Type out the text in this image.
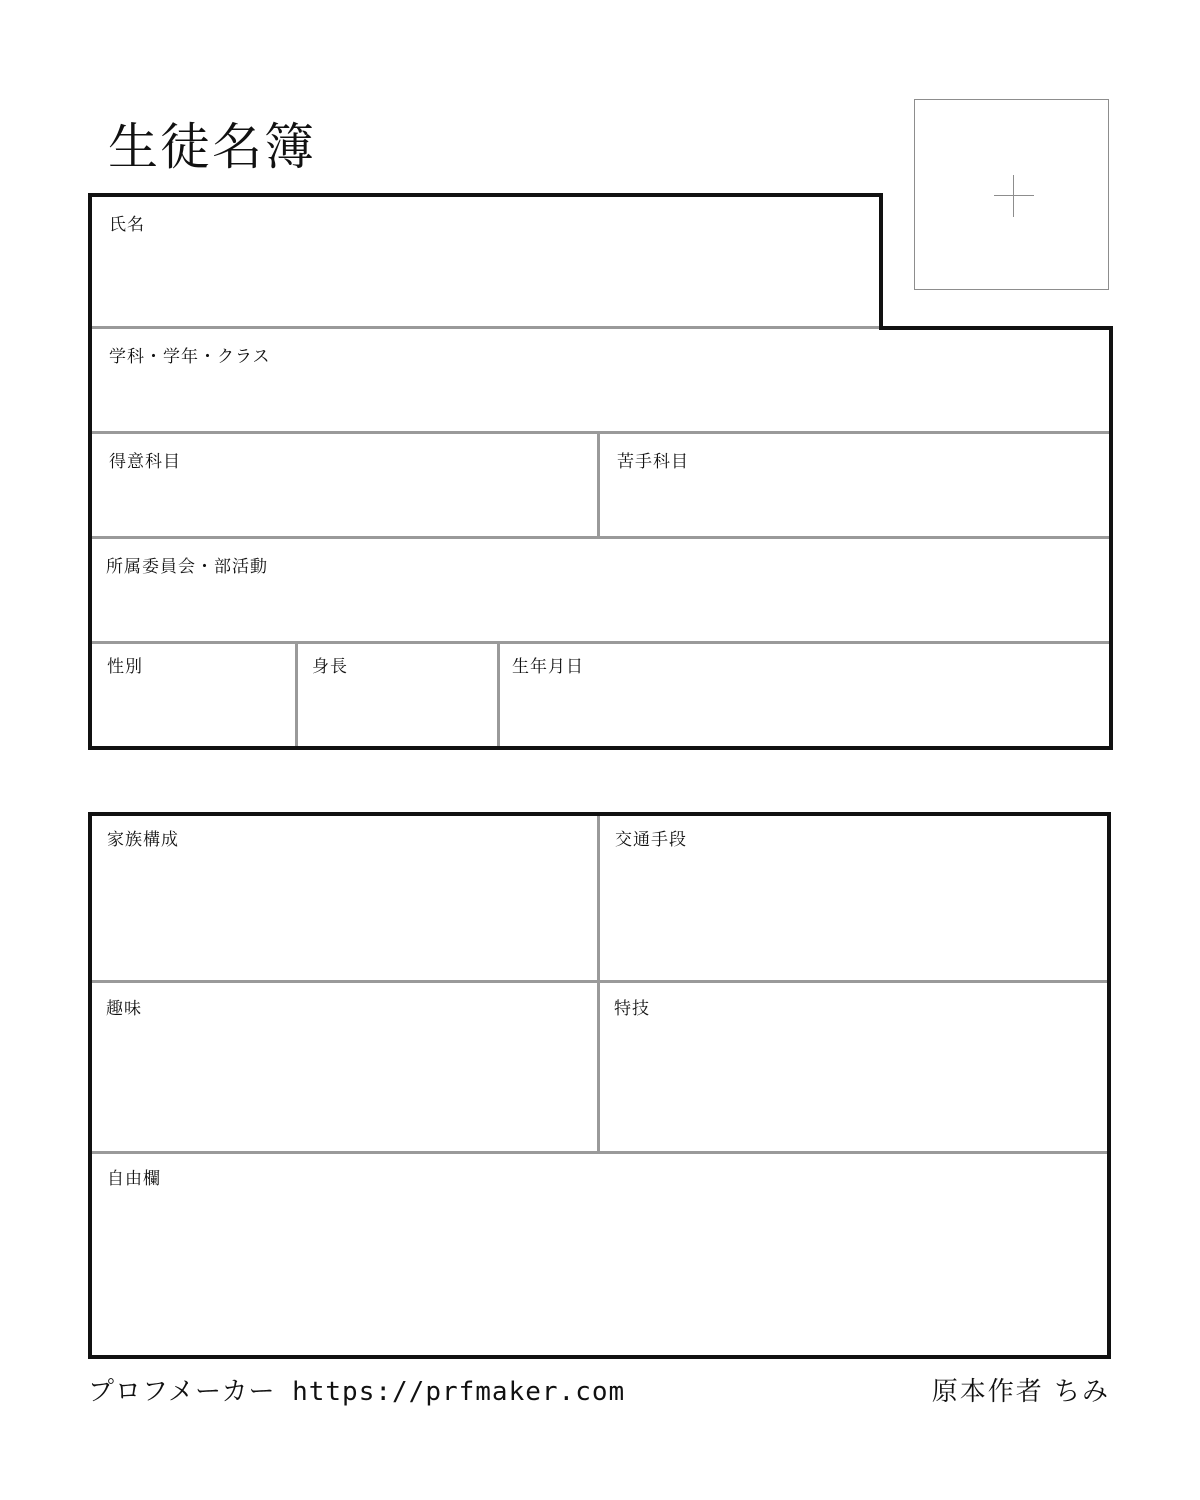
生徒名簿
氏名
学科・学年・クラス
得意科目	苦手科目
所属委員会・部活動
性別	身長	生年月日
家族構成	交通手段
趣味	特技
自由欄
プロフメーカー https://prfmaker.com	原本作者 ちみ
